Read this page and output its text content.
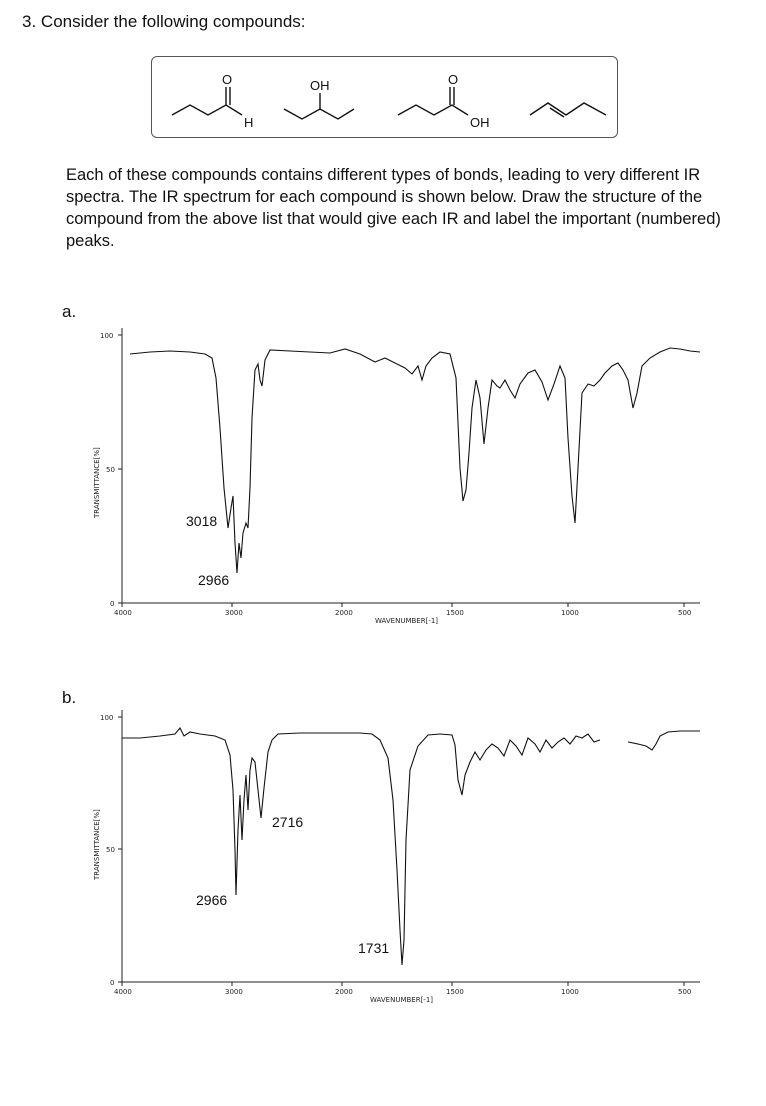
3. Consider the following compounds:
O
H
OH	O
OH
Each of these compounds contains different types of bonds, leading to very different IR spectra. The IR spectrum for each compound is shown below. Draw the structure of the compound from the above list that would give each IR and label the important (numbered) peaks.
a.
100
50
0
4000	3000	2000	1500	1000	500
WAVENUMBER[-1]
TRANSMITTANCE[%]
3018
2966
b.
100
50
0
4000	3000	2000	1500	1000	500
WAVENUMBER[-1]
TRANSMITTANCE[%]	2716
2966
1731
